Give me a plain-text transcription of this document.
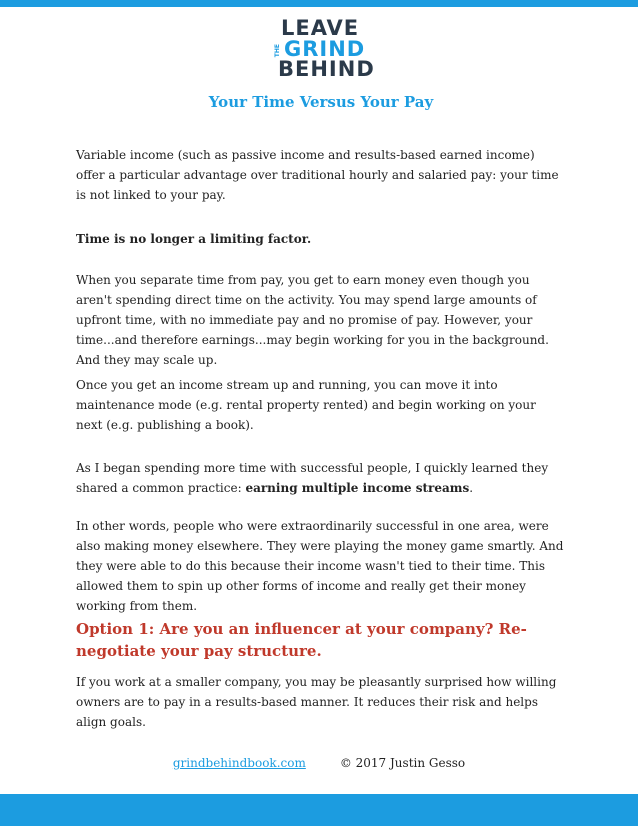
LEAVE
THE GRIND
BEHIND
Your Time Versus Your Pay

Variable income (such as passive income and results-based earned income) offer a particular advantage over traditional hourly and salaried pay: your time is not linked to your pay.

Time is no longer a limiting factor.

When you separate time from pay, you get to earn money even though you aren't spending direct time on the activity. You may spend large amounts of upfront time, with no immediate pay and no promise of pay. However, your time...and therefore earnings...may begin working for you in the background. And they may scale up.

Once you get an income stream up and running, you can move it into maintenance mode (e.g. rental property rented) and begin working on your next (e.g. publishing a book).

As I began spending more time with successful people, I quickly learned they shared a common practice: earning multiple income streams.

In other words, people who were extraordinarily successful in one area, were also making money elsewhere. They were playing the money game smartly. And they were able to do this because their income wasn't tied to their time. This allowed them to spin up other forms of income and really get their money working from them.

Option 1: Are you an influencer at your company? Re-negotiate your pay structure.

If you work at a smaller company, you may be pleasantly surprised how willing owners are to pay in a results-based manner. It reduces their risk and helps align goals.

grindbehindbook.com	© 2017 Justin Gesso
